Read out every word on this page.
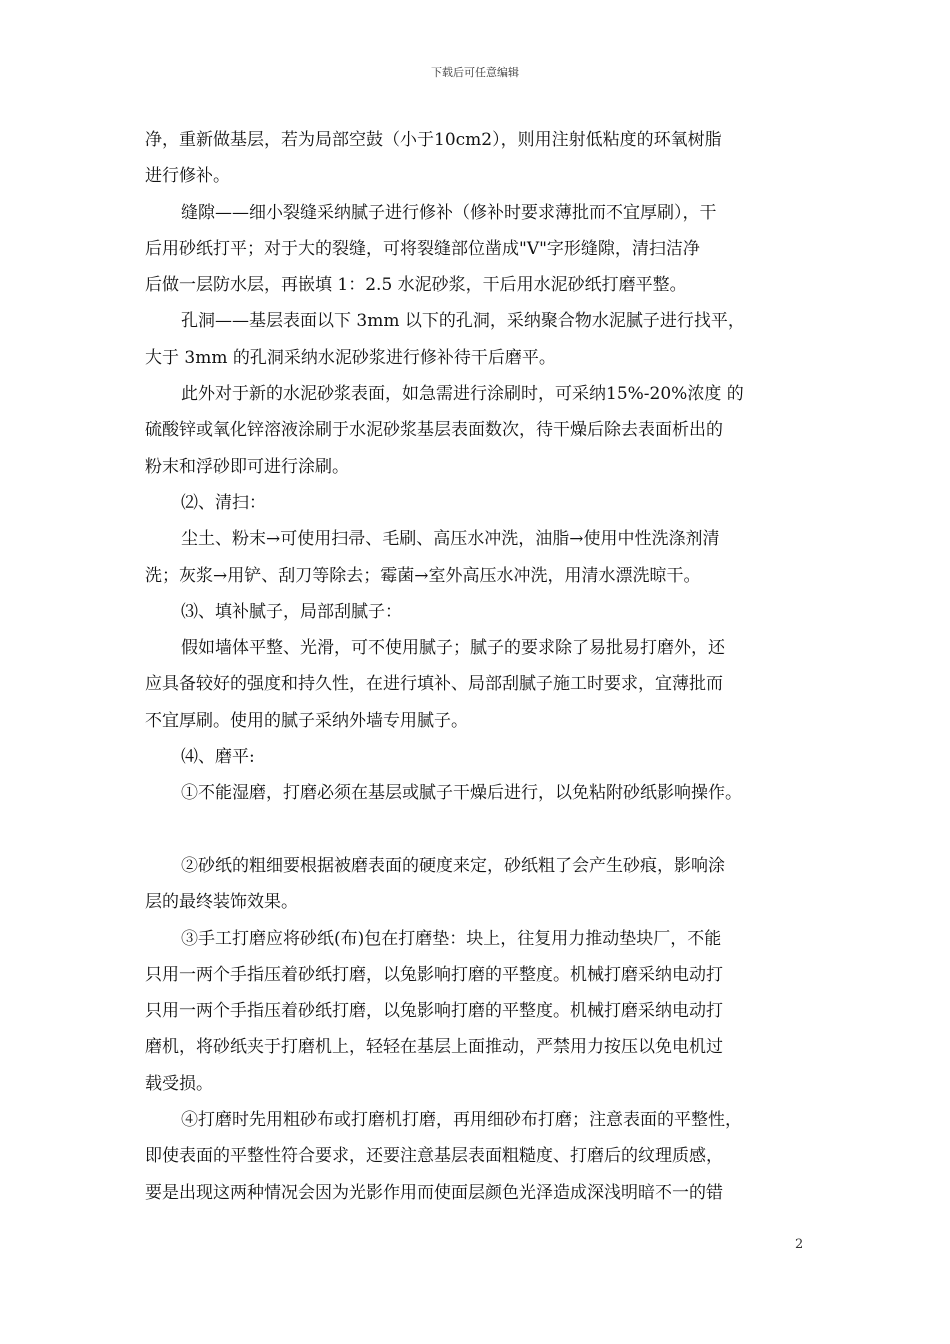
下载后可任意编辑
净，重新做基层，若为局部空鼓（小于10cm2），则用注射低粘度的环氧树脂
进行修补。
缝隙——细小裂缝采纳腻子进行修补（修补时要求薄批而不宜厚刷），干
后用砂纸打平；对于大的裂缝，可将裂缝部位凿成"V"字形缝隙，清扫洁净
后做一层防水层，再嵌填 1：2.5 水泥砂浆，干后用水泥砂纸打磨平整。
孔洞——基层表面以下 3mm 以下的孔洞，采纳聚合物水泥腻子进行找平，
大于 3mm 的孔洞采纳水泥砂浆进行修补待干后磨平。
此外对于新的水泥砂浆表面，如急需进行涂刷时，可采纳15%-20%浓度 的
硫酸锌或氧化锌溶液涂刷于水泥砂浆基层表面数次，待干燥后除去表面析出的
粉末和浮砂即可进行涂刷。
⑵、清扫：
尘土、粉末→可使用扫帚、毛刷、高压水冲洗，油脂→使用中性洗涤剂清
洗；灰浆→用铲、刮刀等除去；霉菌→室外高压水冲洗，用清水漂洗晾干。
⑶、填补腻子，局部刮腻子：
假如墙体平整、光滑，可不使用腻子；腻子的要求除了易批易打磨外，还
应具备较好的强度和持久性，在进行填补、局部刮腻子施工时要求，宜薄批而
不宜厚刷。使用的腻子采纳外墙专用腻子。
⑷、磨平:
①不能湿磨，打磨必须在基层或腻子干燥后进行，以免粘附砂纸影响操作。
②砂纸的粗细要根据被磨表面的硬度来定，砂纸粗了会产生砂痕，影响涂
层的最终装饰效果。
③手工打磨应将砂纸(布)包在打磨垫：块上，往复用力推动垫块厂，不能
只用一两个手指压着砂纸打磨，以兔影响打磨的平整度。机械打磨采纳电动打
只用一两个手指压着砂纸打磨，以兔影响打磨的平整度。机械打磨采纳电动打
磨机，将砂纸夹于打磨机上，轻轻在基层上面推动，严禁用力按压以免电机过
载受损。
④打磨时先用粗砂布或打磨机打磨，再用细砂布打磨；注意表面的平整性，
即使表面的平整性符合要求，还要注意基层表面粗糙度、打磨后的纹理质感，
要是出现这两种情况会因为光影作用而使面层颜色光泽造成深浅明暗不一的错
2
